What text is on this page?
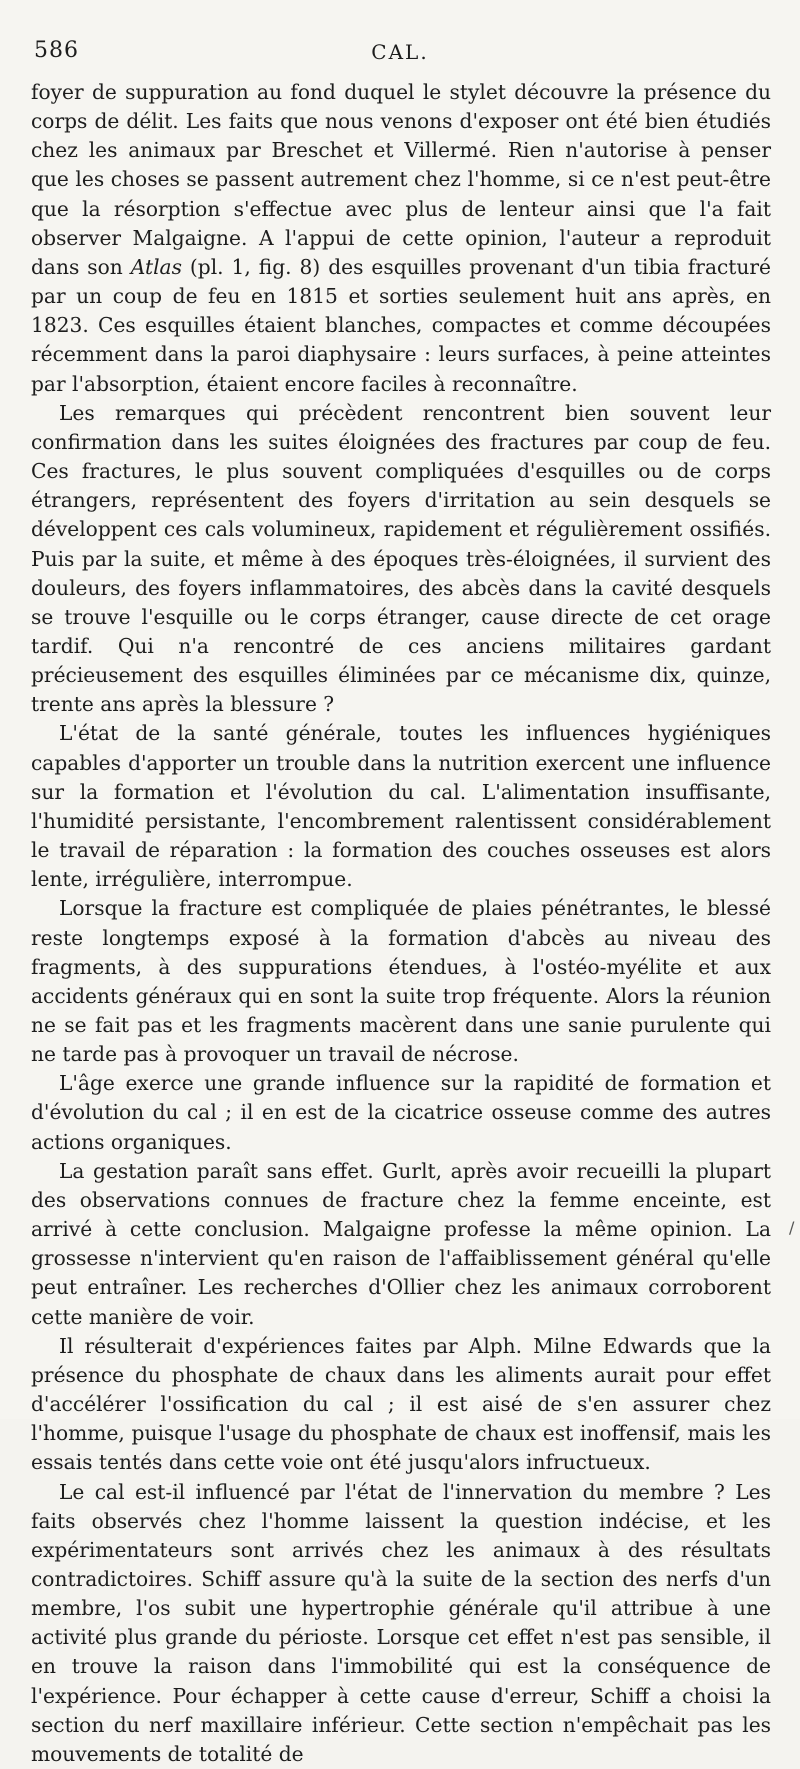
586	CAL.

foyer de suppuration au fond duquel le stylet découvre la présence du corps de délit. Les faits que nous venons d'exposer ont été bien étudiés chez les animaux par Breschet et Villermé. Rien n'autorise à penser que les choses se passent autrement chez l'homme, si ce n'est peut-être que la résorption s'effectue avec plus de lenteur ainsi que l'a fait observer Malgaigne. A l'appui de cette opinion, l'auteur a reproduit dans son Atlas (pl. 1, fig. 8) des esquilles provenant d'un tibia fracturé par un coup de feu en 1815 et sorties seulement huit ans après, en 1823. Ces esquilles étaient blanches, compactes et comme découpées récemment dans la paroi diaphysaire : leurs surfaces, à peine atteintes par l'absorption, étaient encore faciles à reconnaître.

Les remarques qui précèdent rencontrent bien souvent leur confirmation dans les suites éloignées des fractures par coup de feu. Ces fractures, le plus souvent compliquées d'esquilles ou de corps étrangers, représentent des foyers d'irritation au sein desquels se développent ces cals volumineux, rapidement et régulièrement ossifiés. Puis par la suite, et même à des époques très-éloignées, il survient des douleurs, des foyers inflammatoires, des abcès dans la cavité desquels se trouve l'esquille ou le corps étranger, cause directe de cet orage tardif. Qui n'a rencontré de ces anciens militaires gardant précieusement des esquilles éliminées par ce mécanisme dix, quinze, trente ans après la blessure ?

L'état de la santé générale, toutes les influences hygiéniques capables d'apporter un trouble dans la nutrition exercent une influence sur la formation et l'évolution du cal. L'alimentation insuffisante, l'humidité persistante, l'encombrement ralentissent considérablement le travail de réparation : la formation des couches osseuses est alors lente, irrégulière, interrompue.

Lorsque la fracture est compliquée de plaies pénétrantes, le blessé reste longtemps exposé à la formation d'abcès au niveau des fragments, à des suppurations étendues, à l'ostéo-myélite et aux accidents généraux qui en sont la suite trop fréquente. Alors la réunion ne se fait pas et les fragments macèrent dans une sanie purulente qui ne tarde pas à provoquer un travail de nécrose.

L'âge exerce une grande influence sur la rapidité de formation et d'évolution du cal ; il en est de la cicatrice osseuse comme des autres actions organiques.

La gestation paraît sans effet. Gurlt, après avoir recueilli la plupart des observations connues de fracture chez la femme enceinte, est arrivé à cette conclusion. Malgaigne professe la même opinion. La grossesse n'intervient qu'en raison de l'affaiblissement général qu'elle peut entraîner. Les recherches d'Ollier chez les animaux corroborent cette manière de voir.

Il résulterait d'expériences faites par Alph. Milne Edwards que la présence du phosphate de chaux dans les aliments aurait pour effet d'accélérer l'ossification du cal ; il est aisé de s'en assurer chez l'homme, puisque l'usage du phosphate de chaux est inoffensif, mais les essais tentés dans cette voie ont été jusqu'alors infructueux.

Le cal est-il influencé par l'état de l'innervation du membre ? Les faits observés chez l'homme laissent la question indécise, et les expérimentateurs sont arrivés chez les animaux à des résultats contradictoires. Schiff assure qu'à la suite de la section des nerfs d'un membre, l'os subit une hypertrophie générale qu'il attribue à une activité plus grande du périoste. Lorsque cet effet n'est pas sensible, il en trouve la raison dans l'immobilité qui est la conséquence de l'expérience. Pour échapper à cette cause d'erreur, Schiff a choisi la section du nerf maxillaire inférieur. Cette section n'empêchait pas les mouvements de totalité de

/
